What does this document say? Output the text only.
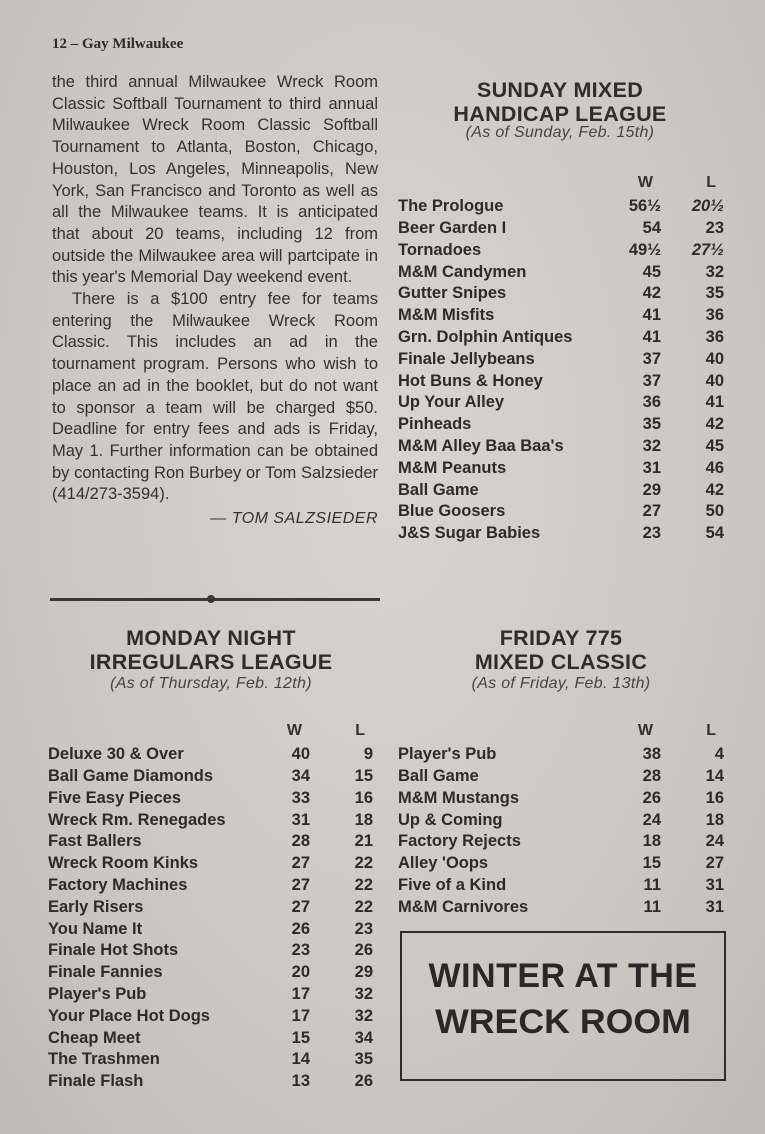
12 – Gay Milwaukee

the third annual Milwaukee Wreck Room Classic Softball Tournament to third annual Milwaukee Wreck Room Classic Softball Tournament to Atlanta, Boston, Chicago, Houston, Los Angeles, Minneapolis, New York, San Francisco and Toronto as well as all the Milwaukee teams. It is anticipated that about 20 teams, including 12 from outside the Milwaukee area will partcipate in this year's Memorial Day weekend event.

There is a $100 entry fee for teams entering the Milwaukee Wreck Room Classic. This includes an ad in the tournament program. Persons who wish to place an ad in the booklet, but do not want to sponsor a team will be charged $50. Deadline for entry fees and ads is Friday, May 1. Further information can be obtained by contacting Ron Burbey or Tom Salzsieder (414/273-3594).

— TOM SALZSIEDER
SUNDAY MIXED
HANDICAP LEAGUE
(As of Sunday, Feb. 15th)
W	L
The Prologue	56½ 20½
Beer Garden I	54	23
Tornadoes	49½ 27½
M&M Candymen	45	32
Gutter Snipes	42	35
M&M Misfits	41	36
Grn. Dolphin Antiques	41	36
Finale Jellybeans	37	40
Hot Buns & Honey	37	40
Up Your Alley	36	41
Pinheads	35	42
M&M Alley Baa Baa's	32	45
M&M Peanuts	31	46
Ball Game	29	42
Blue Goosers	27	50
J&S Sugar Babies	23	54
MONDAY NIGHT
IRREGULARS LEAGUE
(As of Thursday, Feb. 12th)
W	L
Deluxe 30 & Over	40	9
Ball Game Diamonds	34	15
Five Easy Pieces	33	16
Wreck Rm. Renegades	31	18
Fast Ballers	28	21
Wreck Room Kinks	27	22
Factory Machines	27	22
Early Risers	27	22
You Name It	26	23
Finale Hot Shots	23	26
Finale Fannies	20	29
Player's Pub	17	32
Your Place Hot Dogs	17	32
Cheap Meet	15	34
The Trashmen	14	35
Finale Flash	13	26
FRIDAY 775
MIXED CLASSIC
(As of Friday, Feb. 13th)
W	L
Player's Pub	38	4
Ball Game	28	14
M&M Mustangs	26	16
Up & Coming	24	18
Factory Rejects	18	24
Alley 'Oops	15	27
Five of a Kind	11	31
M&M Carnivores	11	31
WINTER AT THE
WRECK ROOM
